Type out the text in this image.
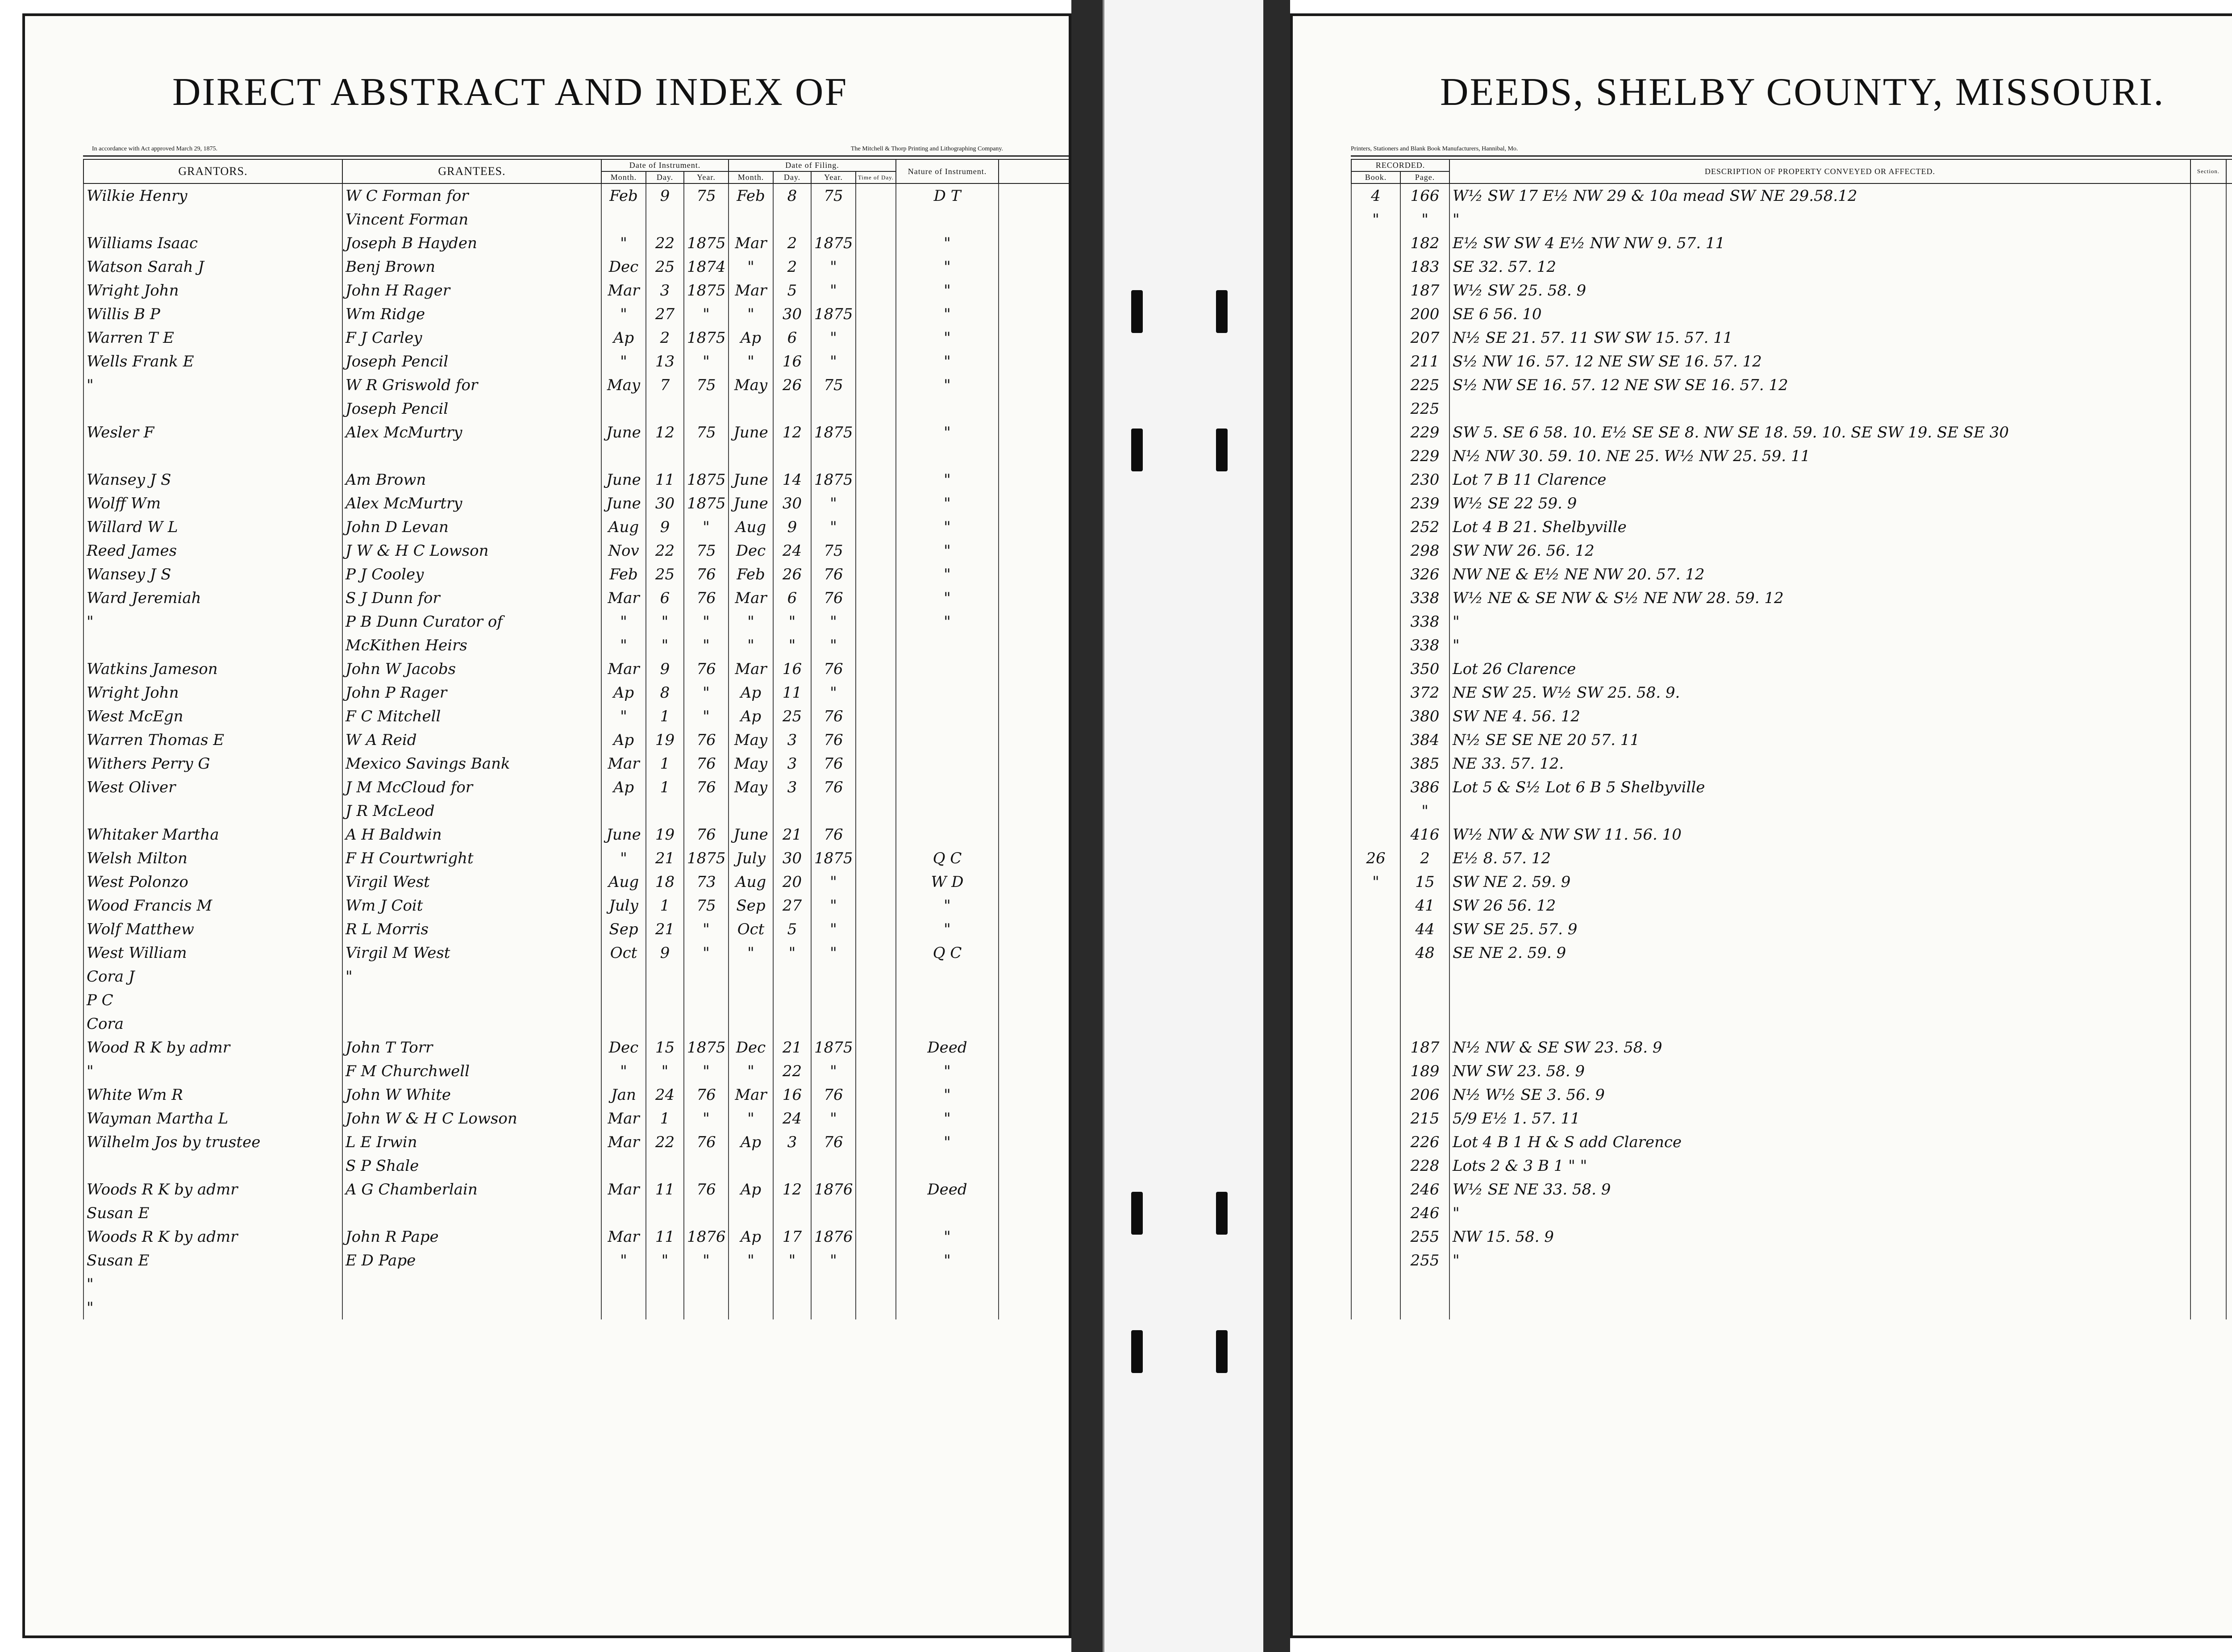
DIRECT ABSTRACT AND INDEX OF
In accordance with Act approved March 29, 1875.	The Mitchell & Thorp Printing and Lithographing Company.
GRANTORS.	GRANTEES.	Date of Instrument.			Date of Filing.				Nature of Instrument.	
		Month.	Day.	Year.	Month.	Day.	Year.	Time of Day.		
Wilkie Henry	W C Forman for	Feb	9	75	Feb	8	75		D T	
	Vincent Forman									
Williams Isaac	Joseph B Hayden	"	22	1875	Mar	2	1875		"	
Watson Sarah J	Benj Brown	Dec	25	1874	"	2	"		"	
Wright John	John H Rager	Mar	3	1875	Mar	5	"		"	
Willis B P	Wm Ridge	"	27	"	"	30	1875		"	
Warren T E	F J Carley	Ap	2	1875	Ap	6	"		"	
Wells Frank E	Joseph Pencil	"	13	"	"	16	"		"	
"	W R Griswold for	May	7	75	May	26	75		"	
	Joseph Pencil									
Wesler F	Alex McMurtry	June	12	75	June	12	1875		"	

Wansey J S	Am Brown	June	11	1875	June	14	1875		"	
Wolff Wm	Alex McMurtry	June	30	1875	June	30	"		"	
Willard W L	John D Levan	Aug	9	"	Aug	9	"		"	
Reed James	J W & H C Lowson	Nov	22	75	Dec	24	75		"	
Wansey J S	P J Cooley	Feb	25	76	Feb	26	76		"	
Ward Jeremiah	S J Dunn for	Mar	6	76	Mar	6	76		"	
"	P B Dunn Curator of	"	"	"	"	"	"		"	
	McKithen Heirs	"	"	"	"	"	"			
Watkins Jameson	John W Jacobs	Mar	9	76	Mar	16	76			
Wright John	John P Rager	Ap	8	"	Ap	11	"			
West McEgn	F C Mitchell	"	1	"	Ap	25	76			
Warren Thomas E	W A Reid	Ap	19	76	May	3	76			
Withers Perry G	Mexico Savings Bank	Mar	1	76	May	3	76			
West Oliver	J M McCloud for	Ap	1	76	May	3	76			
	J R McLeod									
Whitaker Martha	A H Baldwin	June	19	76	June	21	76			
Welsh Milton	F H Courtwright	"	21	1875	July	30	1875		Q C	
West Polonzo	Virgil West	Aug	18	73	Aug	20	"		W D	
Wood Francis M	Wm J Coit	July	1	75	Sep	27	"		"	
Wolf Matthew	R L Morris	Sep	21	"	Oct	5	"		"	
West William	Virgil M West	Oct	9	"	"	"	"		Q C	
Cora J	"									
P C										
Cora										
Wood R K by admr	John T Torr	Dec	15	1875	Dec	21	1875		Deed	
"	F M Churchwell	"	"	"	"	22	"		"	
White Wm R	John W White	Jan	24	76	Mar	16	76		"	
Wayman Martha L	John W & H C Lowson	Mar	1	"	"	24	"		"	
Wilhelm Jos by trustee	L E Irwin	Mar	22	76	Ap	3	76		"	
	S P Shale									
Woods R K by admr	A G Chamberlain	Mar	11	76	Ap	12	1876		Deed	
Susan E										
Woods R K by admr	John R Pape	Mar	11	1876	Ap	17	1876		"	
Susan E	E D Pape	"	"	"	"	"	"		"	
"										
"										
DEEDS, SHELBY COUNTY, MISSOURI.
Printers, Stationers and Blank Book Manufacturers, Hannibal, Mo.
RECORDED.		DESCRIPTION OF PROPERTY CONVEYED OR AFFECTED.	Section.		
Book.	Page.				
4	166	W½ SW 17 E½ NW 29 & 10a mead SW NE 29.58.12			
"	"	"			
	182	E½ SW SW 4 E½ NW NW 9. 57. 11			
	183	SE 32. 57. 12			
	187	W½ SW 25. 58. 9			
	200	SE 6 56. 10			
	207	N½ SE 21. 57. 11 SW SW 15. 57. 11			
	211	S½ NW 16. 57. 12 NE SW SE 16. 57. 12			
	225	S½ NW SE 16. 57. 12 NE SW SE 16. 57. 12			
	225				
	229	SW 5. SE 6 58. 10. E½ SE SE 8. NW SE 18. 59. 10. SE SW 19. SE SE 30			
	229	N½ NW 30. 59. 10. NE 25. W½ NW 25. 59. 11			
	230	Lot 7 B 11 Clarence			
	239	W½ SE 22 59. 9			
	252	Lot 4 B 21. Shelbyville			
	298	SW NW 26. 56. 12			
	326	NW NE & E½ NE NW 20. 57. 12			
	338	W½ NE & SE NW & S½ NE NW 28. 59. 12			
	338	"			
	338	"			
	350	Lot 26 Clarence			
	372	NE SW 25. W½ SW 25. 58. 9.			
	380	SW NE 4. 56. 12			
	384	N½ SE SE NE 20 57. 11			
	385	NE 33. 57. 12.			
	386	Lot 5 & S½ Lot 6 B 5 Shelbyville			
	"				
	416	W½ NW & NW SW 11. 56. 10			
26	2	E½ 8. 57. 12			
"	15	SW NE 2. 59. 9			
	41	SW 26 56. 12			
	44	SW SE 25. 57. 9			
	48	SE NE 2. 59. 9			

	187	N½ NW & SE SW 23. 58. 9			
	189	NW SW 23. 58. 9			
	206	N½ W½ SE 3. 56. 9			
	215	5/9 E½ 1. 57. 11			
	226	Lot 4 B 1 H & S add Clarence			
	228	Lots 2 & 3 B 1 " "			
	246	W½ SE NE 33. 58. 9			
	246	"			
	255	NW 15. 58. 9			
	255	"			
